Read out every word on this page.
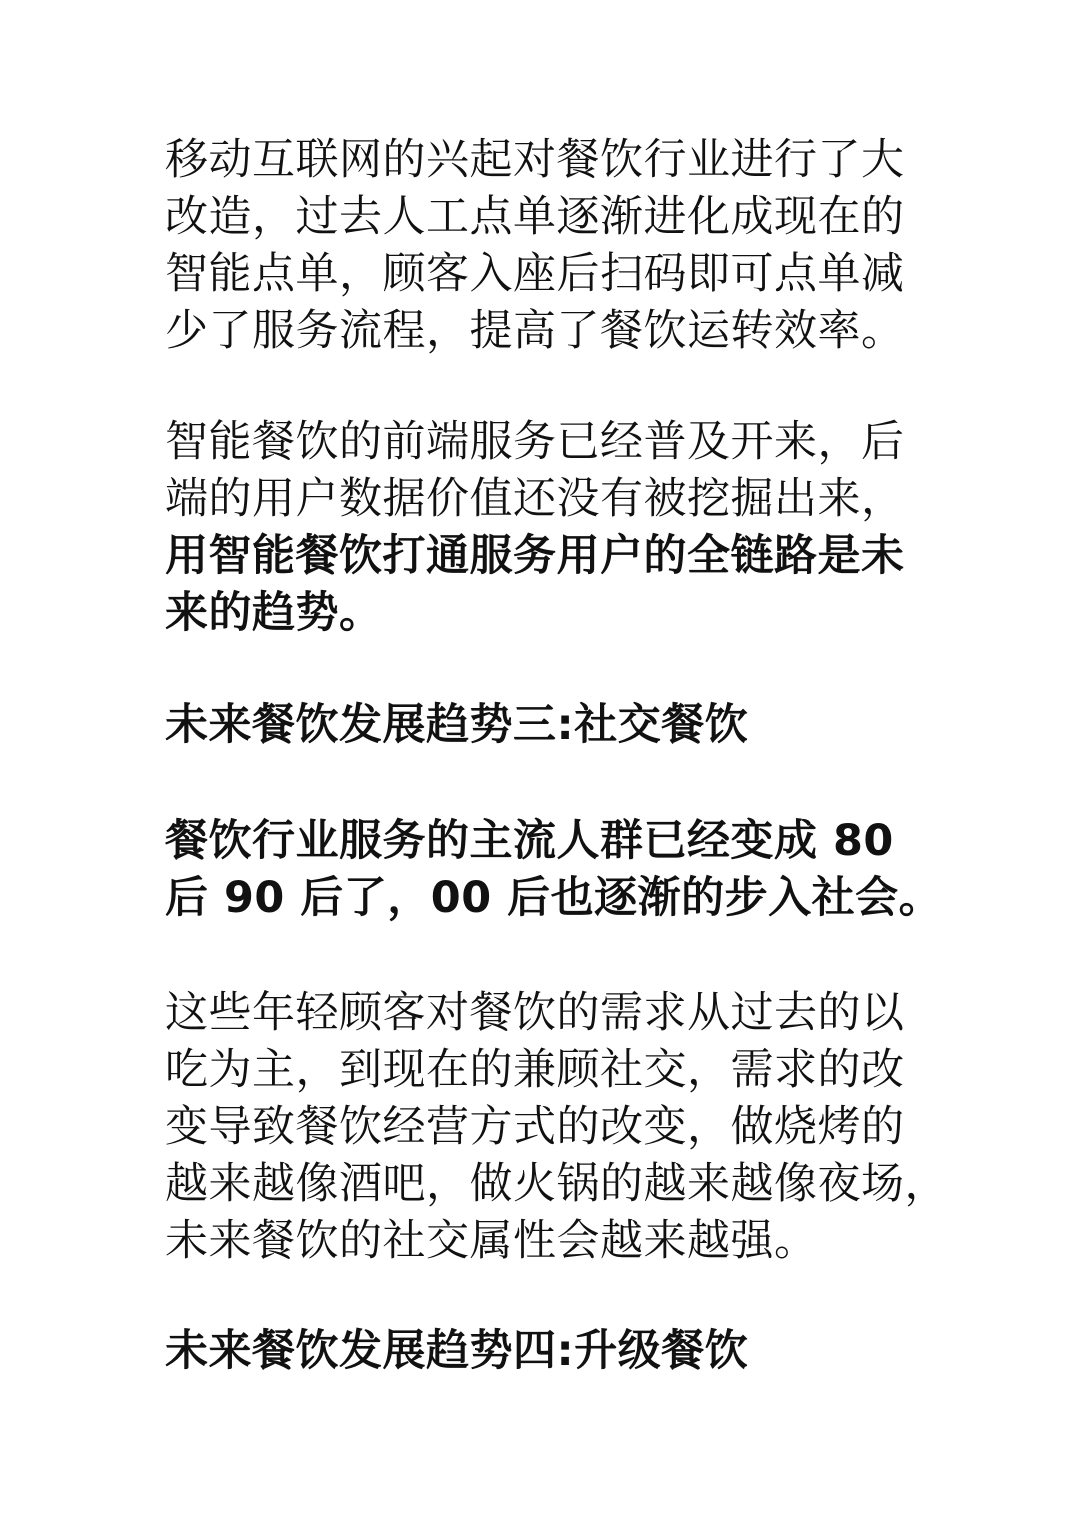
移动互联网的兴起对餐饮行业进行了大
改造，过去人工点单逐渐进化成现在的
智能点单，顾客入座后扫码即可点单减
少了服务流程，提高了餐饮运转效率。

智能餐饮的前端服务已经普及开来，后
端的用户数据价值还没有被挖掘出来，
用智能餐饮打通服务用户的全链路是未
来的趋势。

未来餐饮发展趋势三:社交餐饮

餐饮行业服务的主流人群已经变成 80
后 90 后了，00 后也逐渐的步入社会。

这些年轻顾客对餐饮的需求从过去的以
吃为主，到现在的兼顾社交，需求的改
变导致餐饮经营方式的改变，做烧烤的
越来越像酒吧，做火锅的越来越像夜场，
未来餐饮的社交属性会越来越强。

未来餐饮发展趋势四:升级餐饮
